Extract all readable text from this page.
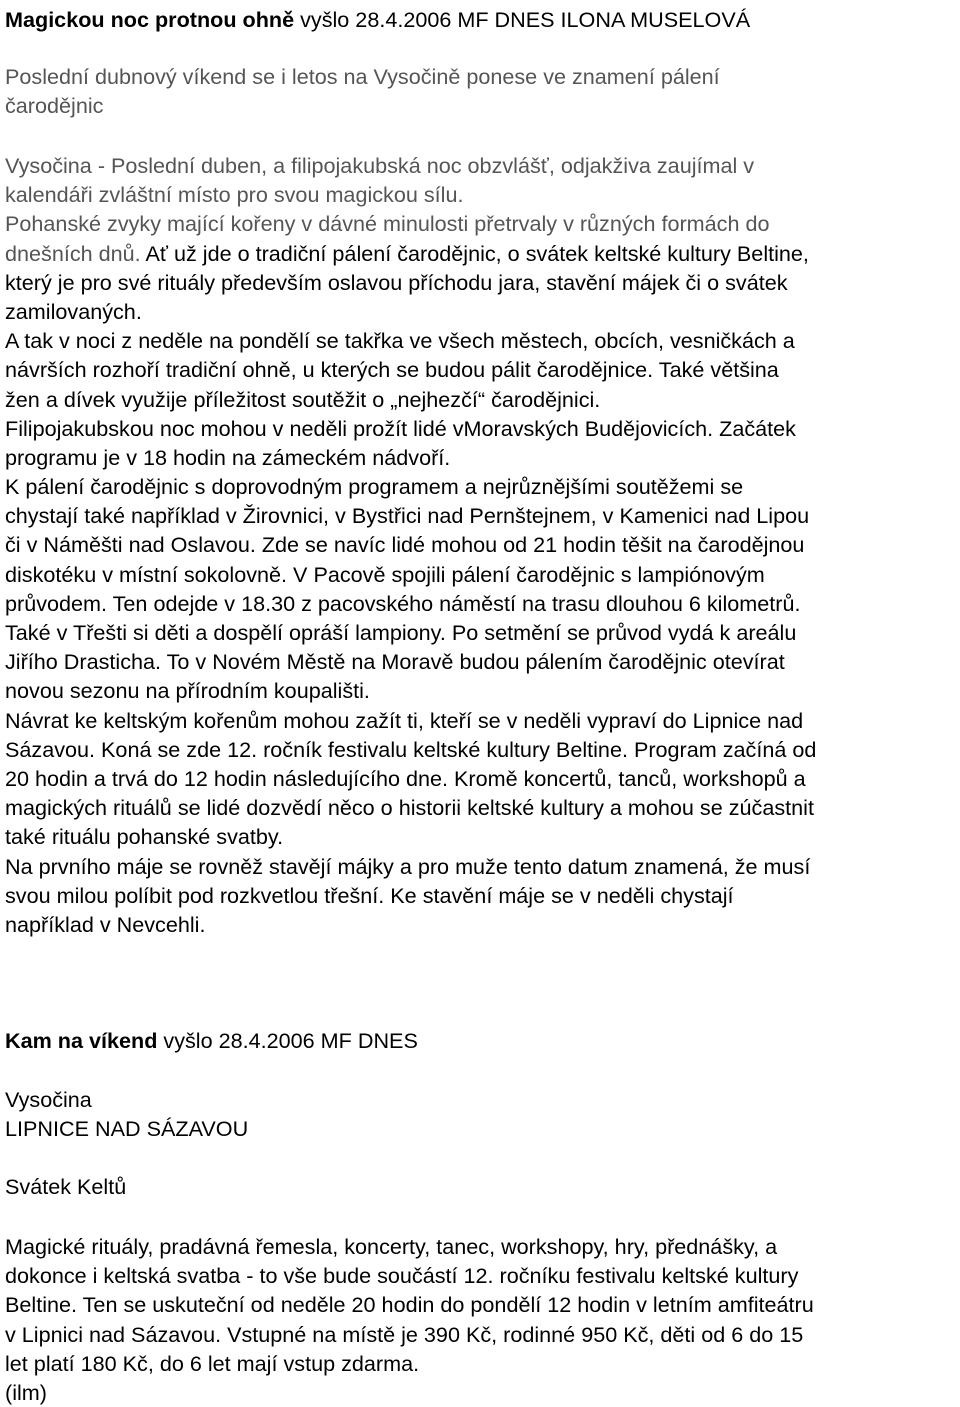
Magickou noc protnou ohně vyšlo 28.4.2006 MF DNES ILONA MUSELOVÁ
Poslední dubnový víkend se i letos na Vysočině ponese ve znamení pálení
čarodějnic
Vysočina - Poslední duben, a filipojakubská noc obzvlášť, odjakživa zaujímal v
kalendáři zvláštní místo pro svou magickou sílu.
Pohanské zvyky mající kořeny v dávné minulosti přetrvaly v různých formách do
dnešních dnů. Ať už jde o tradiční pálení čarodějnic, o svátek keltské kultury Beltine,
který je pro své rituály především oslavou příchodu jara, stavění májek či o svátek
zamilovaných.
A tak v noci z neděle na pondělí se takřka ve všech městech, obcích, vesničkách a
návrších rozhoří tradiční ohně, u kterých se budou pálit čarodějnice. Také většina
žen a dívek využije příležitost soutěžit o „nejhezčí“ čarodějnici.
Filipojakubskou noc mohou v neděli prožít lidé vMoravských Budějovicích. Začátek
programu je v 18 hodin na zámeckém nádvoří.
K pálení čarodějnic s doprovodným programem a nejrůznějšími soutěžemi se
chystají také například v Žirovnici, v Bystřici nad Pernštejnem, v Kamenici nad Lipou
či v Náměšti nad Oslavou. Zde se navíc lidé mohou od 21 hodin těšit na čarodějnou
diskotéku v místní sokolovně. V Pacově spojili pálení čarodějnic s lampiónovým
průvodem. Ten odejde v 18.30 z pacovského náměstí na trasu dlouhou 6 kilometrů.
Také v Třešti si děti a dospělí opráší lampiony. Po setmění se průvod vydá k areálu
Jiřího Drasticha. To v Novém Městě na Moravě budou pálením čarodějnic otevírat
novou sezonu na přírodním koupališti.
Návrat ke keltským kořenům mohou zažít ti, kteří se v neděli vypraví do Lipnice nad
Sázavou. Koná se zde 12. ročník festivalu keltské kultury Beltine. Program začíná od
20 hodin a trvá do 12 hodin následujícího dne. Kromě koncertů, tanců, workshopů a
magických rituálů se lidé dozvědí něco o historii keltské kultury a mohou se zúčastnit
také rituálu pohanské svatby.
Na prvního máje se rovněž stavějí májky a pro muže tento datum znamená, že musí
svou milou políbit pod rozkvetlou třešní. Ke stavění máje se v neděli chystají
například v Nevcehli.
Kam na víkend vyšlo 28.4.2006 MF DNES
Vysočina
LIPNICE NAD SÁZAVOU
Svátek Keltů
Magické rituály, pradávná řemesla, koncerty, tanec, workshopy, hry, přednášky, a
dokonce i keltská svatba - to vše bude součástí 12. ročníku festivalu keltské kultury
Beltine. Ten se uskuteční od neděle 20 hodin do pondělí 12 hodin v letním amfiteátru
v Lipnici nad Sázavou. Vstupné na místě je 390 Kč, rodinné 950 Kč, děti od 6 do 15
let platí 180 Kč, do 6 let mají vstup zdarma.
(ilm)
